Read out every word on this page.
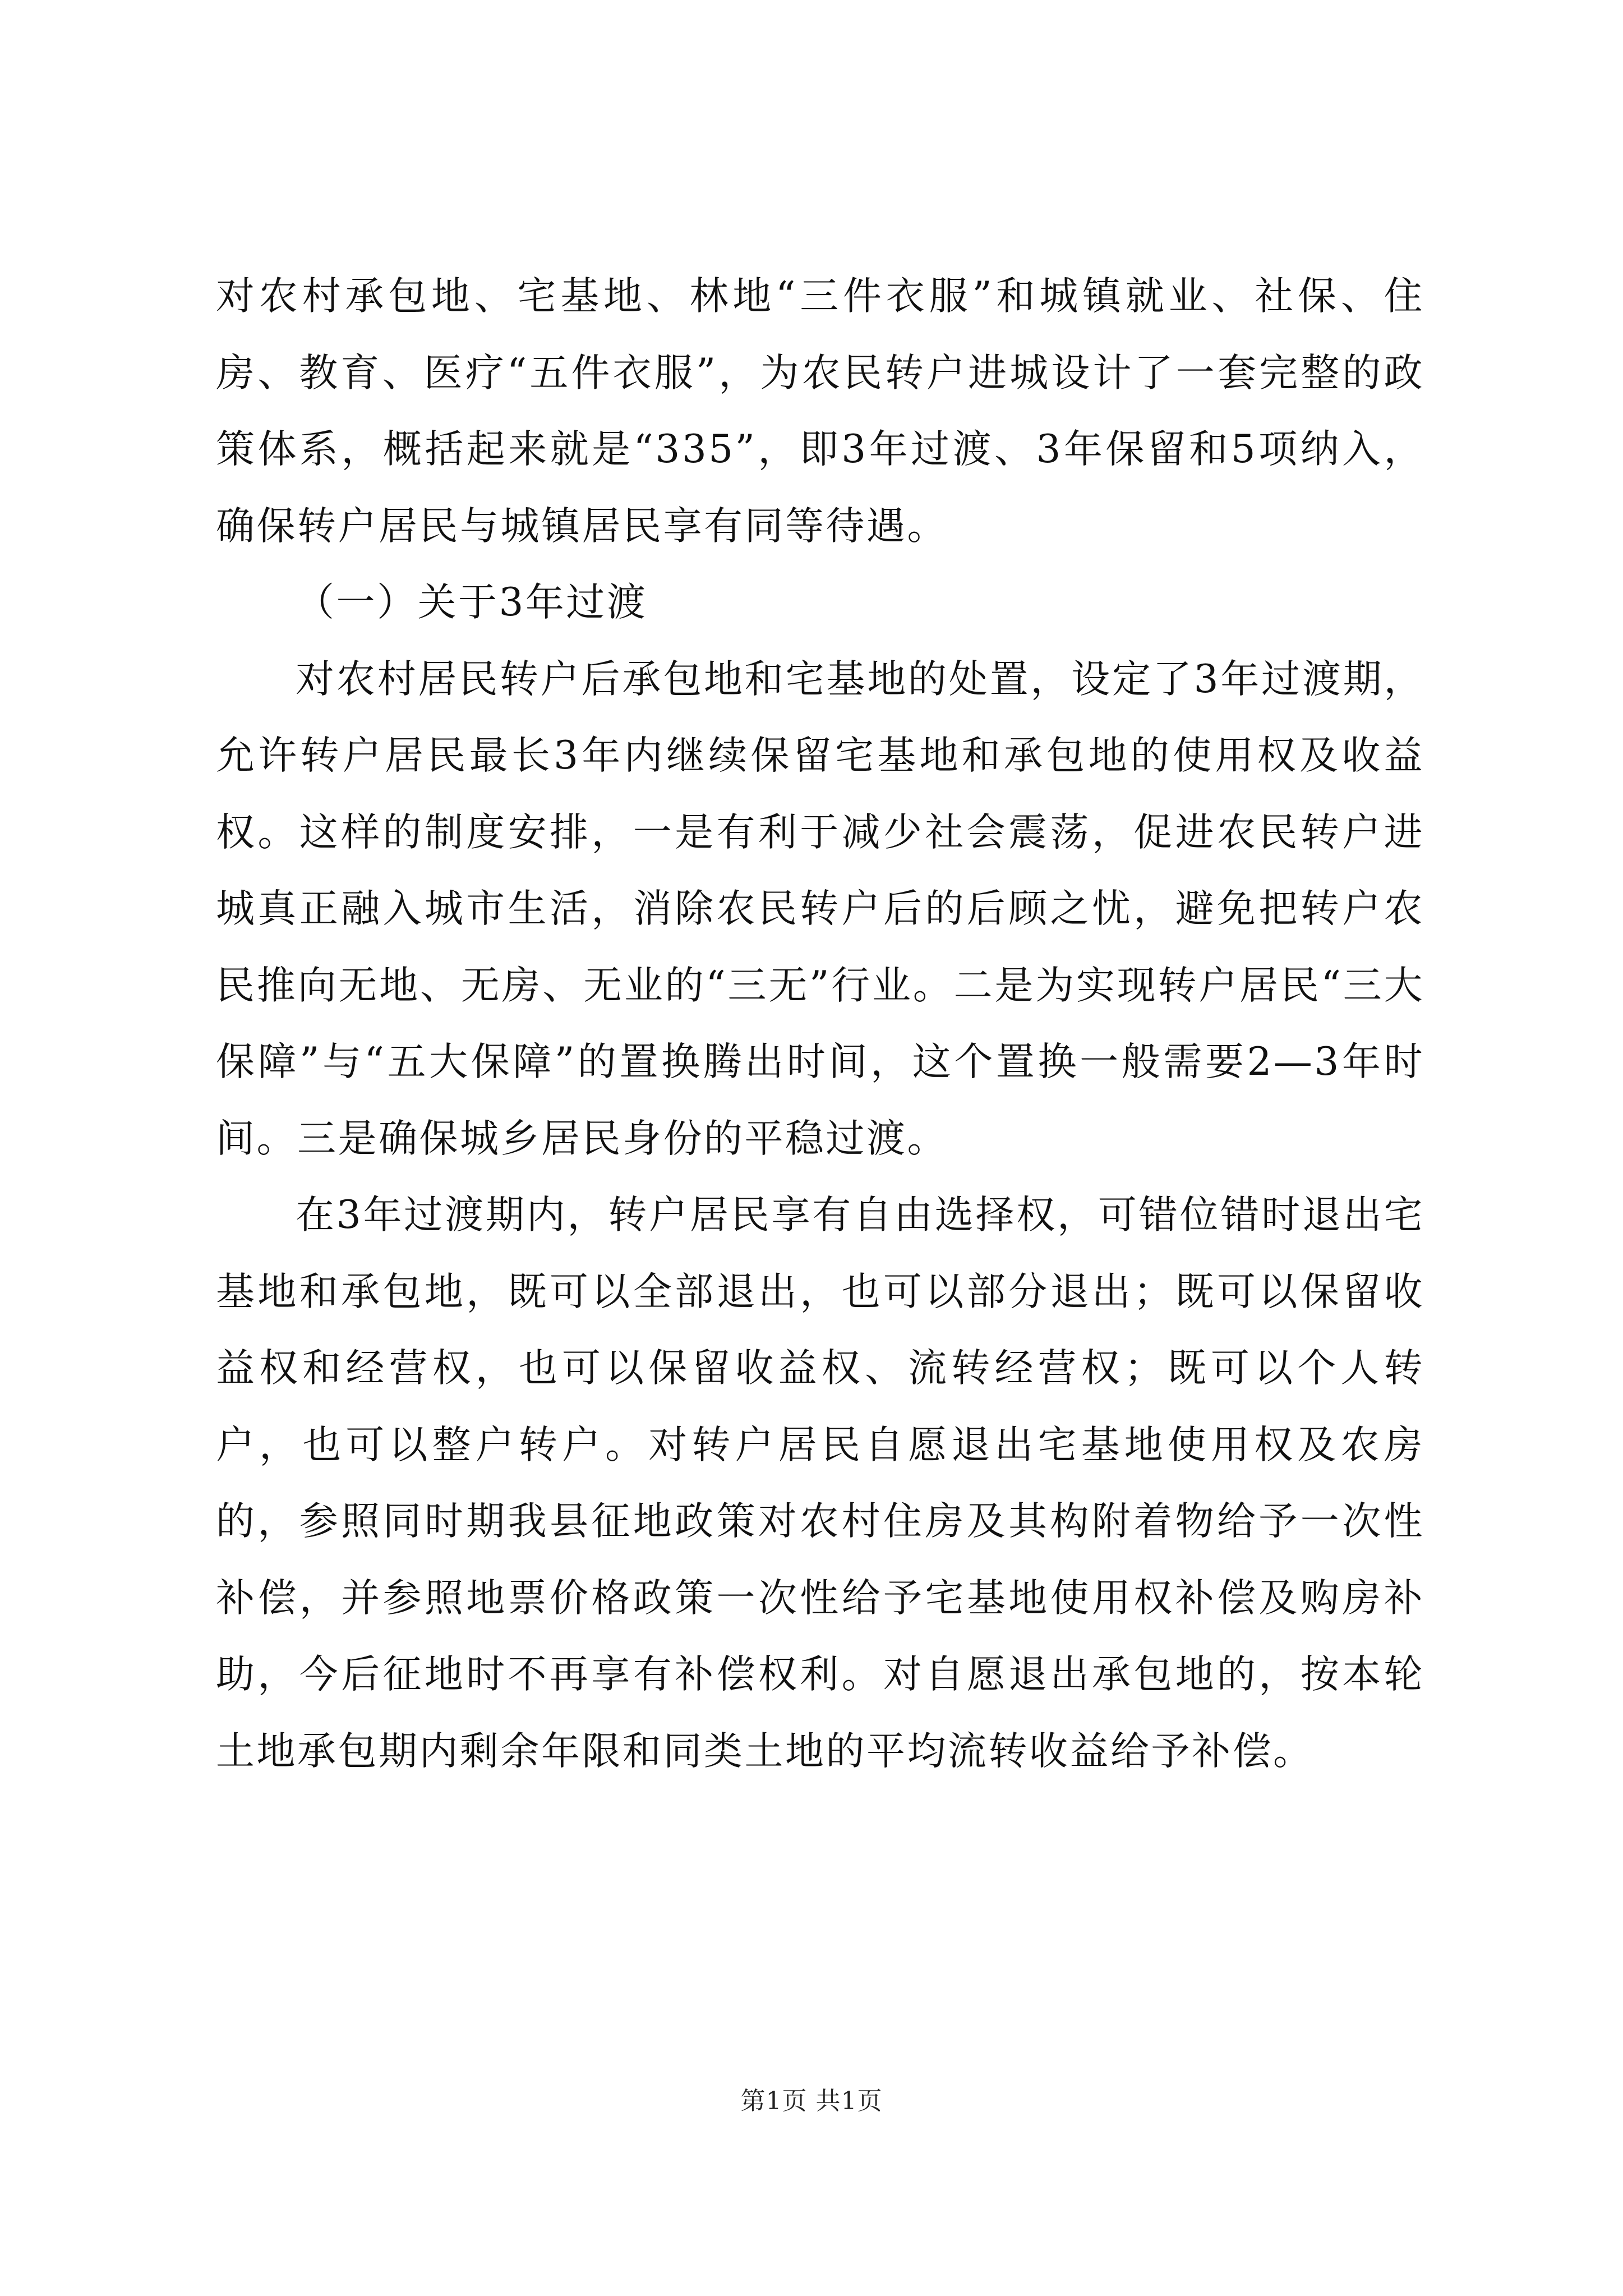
对农村承包地、宅基地、林地“三件衣服”和城镇就业、社保、住房、教育、医疗“五件衣服”，为农民转户进城设计了一套完整的政策体系，概括起来就是“335”，即3年过渡、3年保留和5项纳入，确保转户居民与城镇居民享有同等待遇。

（一）关于3年过渡

对农村居民转户后承包地和宅基地的处置，设定了3年过渡期，允许转户居民最长3年内继续保留宅基地和承包地的使用权及收益权。这样的制度安排，一是有利于减少社会震荡，促进农民转户进城真正融入城市生活，消除农民转户后的后顾之忧，避免把转户农民推向无地、无房、无业的“三无”行业。二是为实现转户居民“三大保障”与“五大保障”的置换腾出时间，这个置换一般需要2—3年时间。三是确保城乡居民身份的平稳过渡。

在3年过渡期内，转户居民享有自由选择权，可错位错时退出宅基地和承包地，既可以全部退出，也可以部分退出；既可以保留收益权和经营权，也可以保留收益权、流转经营权；既可以个人转户，也可以整户转户。对转户居民自愿退出宅基地使用权及农房的，参照同时期我县征地政策对农村住房及其构附着物给予一次性补偿，并参照地票价格政策一次性给予宅基地使用权补偿及购房补助，今后征地时不再享有补偿权利。对自愿退出承包地的，按本轮土地承包期内剩余年限和同类土地的平均流转收益给予补偿。

第1页 共1页
